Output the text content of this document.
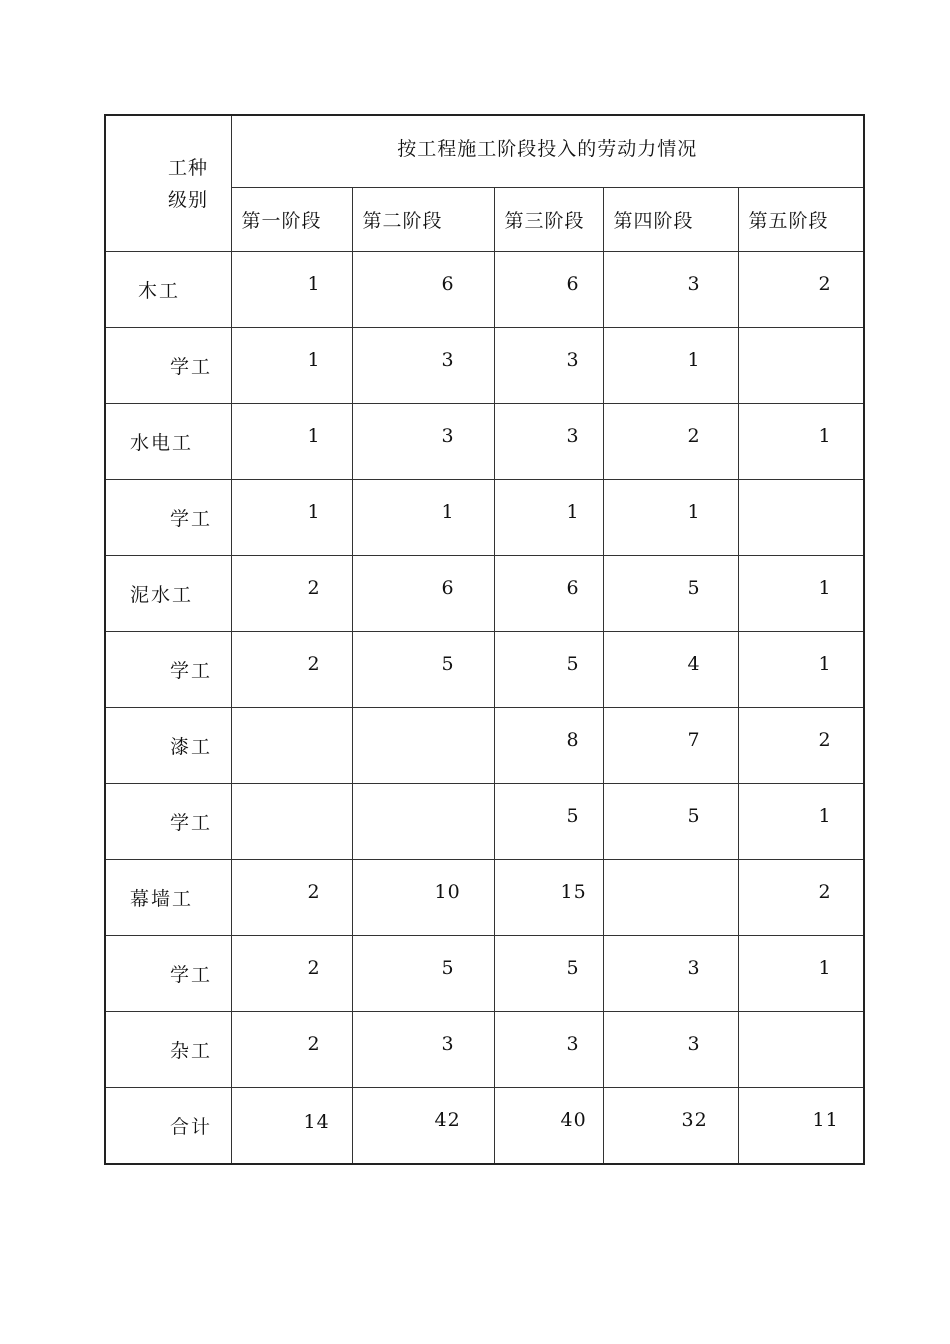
工种
级别	按工程施工阶段投入的劳动力情况				
	第一阶段	第二阶段	第三阶段	第四阶段	第五阶段
木工	1	6	6	3	2
学工	1	3	3	1	
水电工	1	3	3	2	1
学工	1	1	1	1	
泥水工	2	6	6	5	1
学工	2	5	5	4	1
漆工			8	7	2
学工			5	5	1
幕墙工	2	10	15		2
学工	2	5	5	3	1
杂工	2	3	3	3	
合计	14	42	40	32	11
